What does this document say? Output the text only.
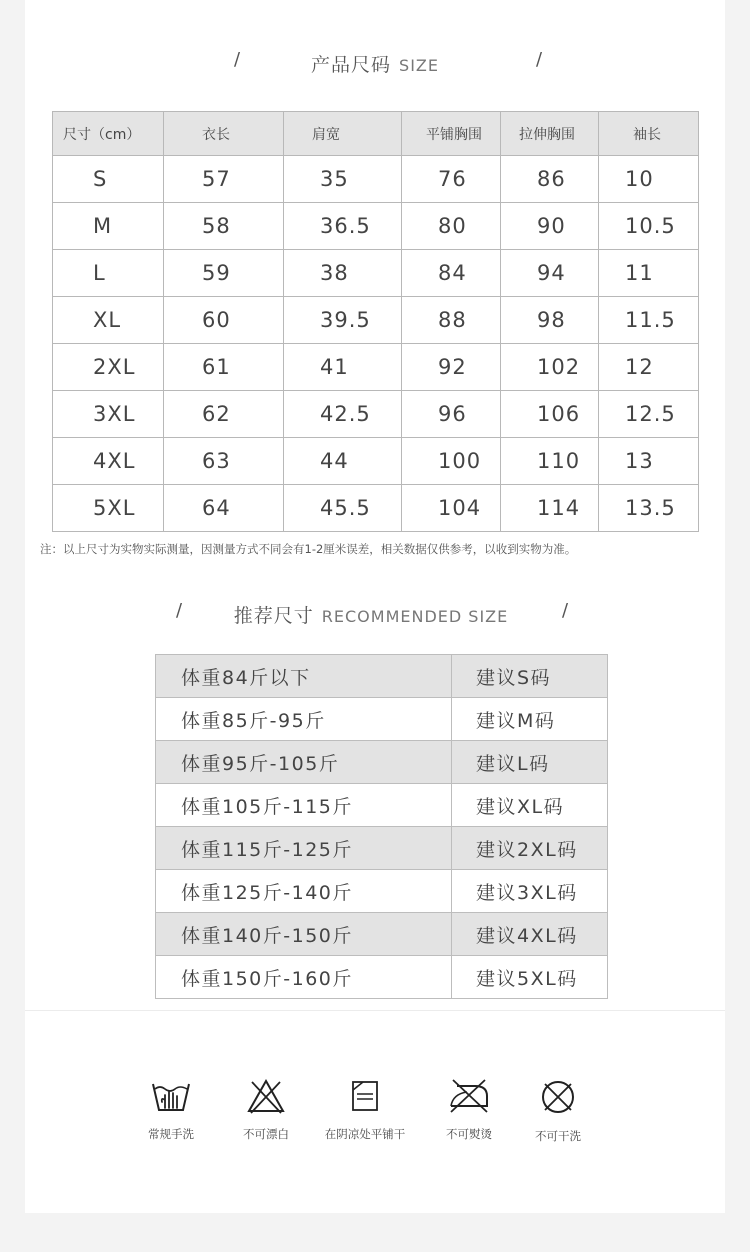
/	产品尺码 SIZE	/
尺寸（cm）	衣长	肩宽	平铺胸围	拉伸胸围	袖长
S	57	35	76	86	10
M	58	36.5	80	90	10.5
L	59	38	84	94	11
XL	60	39.5	88	98	11.5
2XL	61	41	92	102	12
3XL	62	42.5	96	106	12.5
4XL	63	44	100	110	13
5XL	64	45.5	104	114	13.5
注：以上尺寸为实物实际测量，因测量方式不同会有1-2厘米误差，相关数据仅供参考，以收到实物为准。
/	推荐尺寸 RECOMMENDED SIZE	/
体重84斤以下	建议S码
体重85斤-95斤	建议M码
体重95斤-105斤	建议L码
体重105斤-115斤	建议XL码
体重115斤-125斤	建议2XL码
体重125斤-140斤	建议3XL码
体重140斤-150斤	建议4XL码
体重150斤-160斤	建议5XL码
常规手洗	不可漂白	在阴凉处平铺干	不可熨烫	不可干洗
